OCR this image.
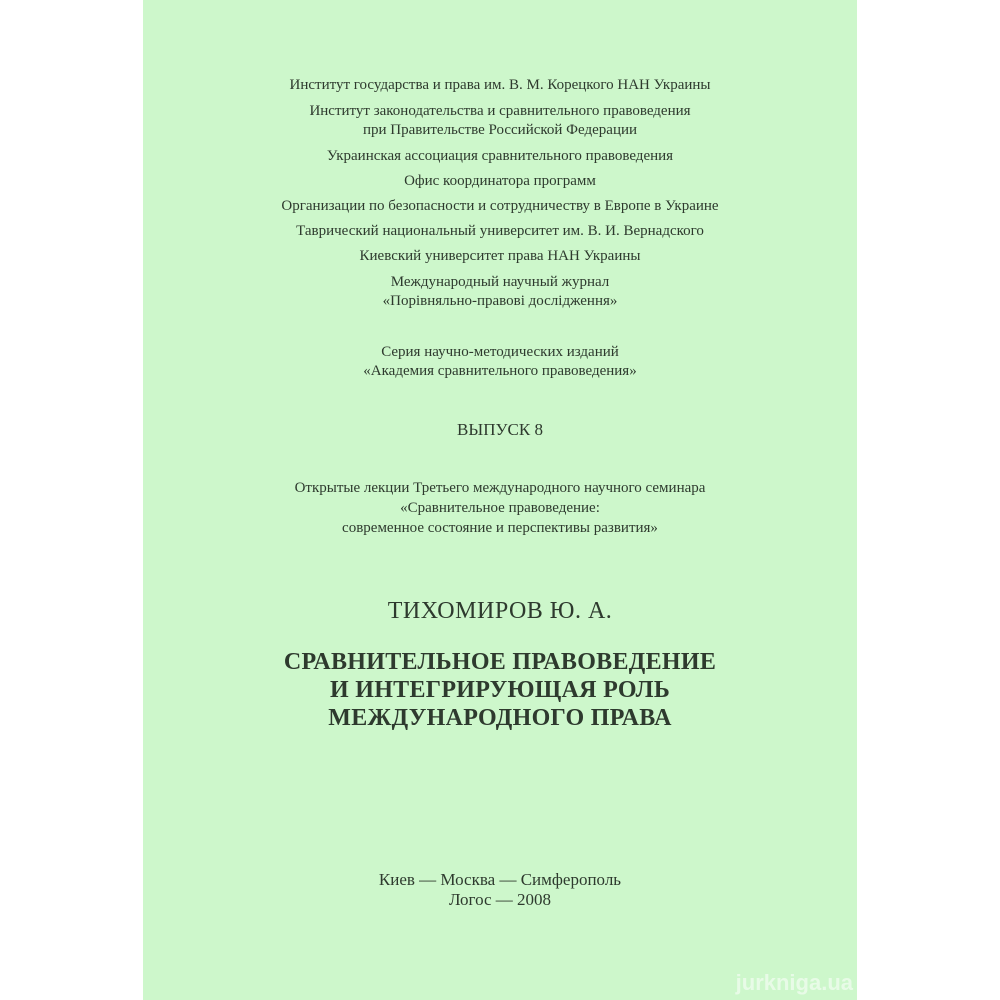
Институт государства и права им. В. М. Корецкого НАН Украины
Институт законодательства и сравнительного правоведения
при Правительстве Российской Федерации
Украинская ассоциация сравнительного правоведения
Офис координатора программ
Организации по безопасности и сотрудничеству в Европе в Украине
Таврический национальный университет им. В. И. Вернадского
Киевский университет права НАН Украины
Международный научный журнал
«Порівняльно-правові дослідження»
Серия научно-методических изданий
«Академия сравнительного правоведения»
ВЫПУСК 8
Открытые лекции Третьего международного научного семинара
«Сравнительное правоведение:
современное состояние и перспективы развития»
ТИХОМИРОВ Ю. А.
СРАВНИТЕЛЬНОЕ ПРАВОВЕДЕНИЕ
И ИНТЕГРИРУЮЩАЯ РОЛЬ
МЕЖДУНАРОДНОГО ПРАВА
Киев — Москва — Симферополь
Логос — 2008
jurkniga.ua
